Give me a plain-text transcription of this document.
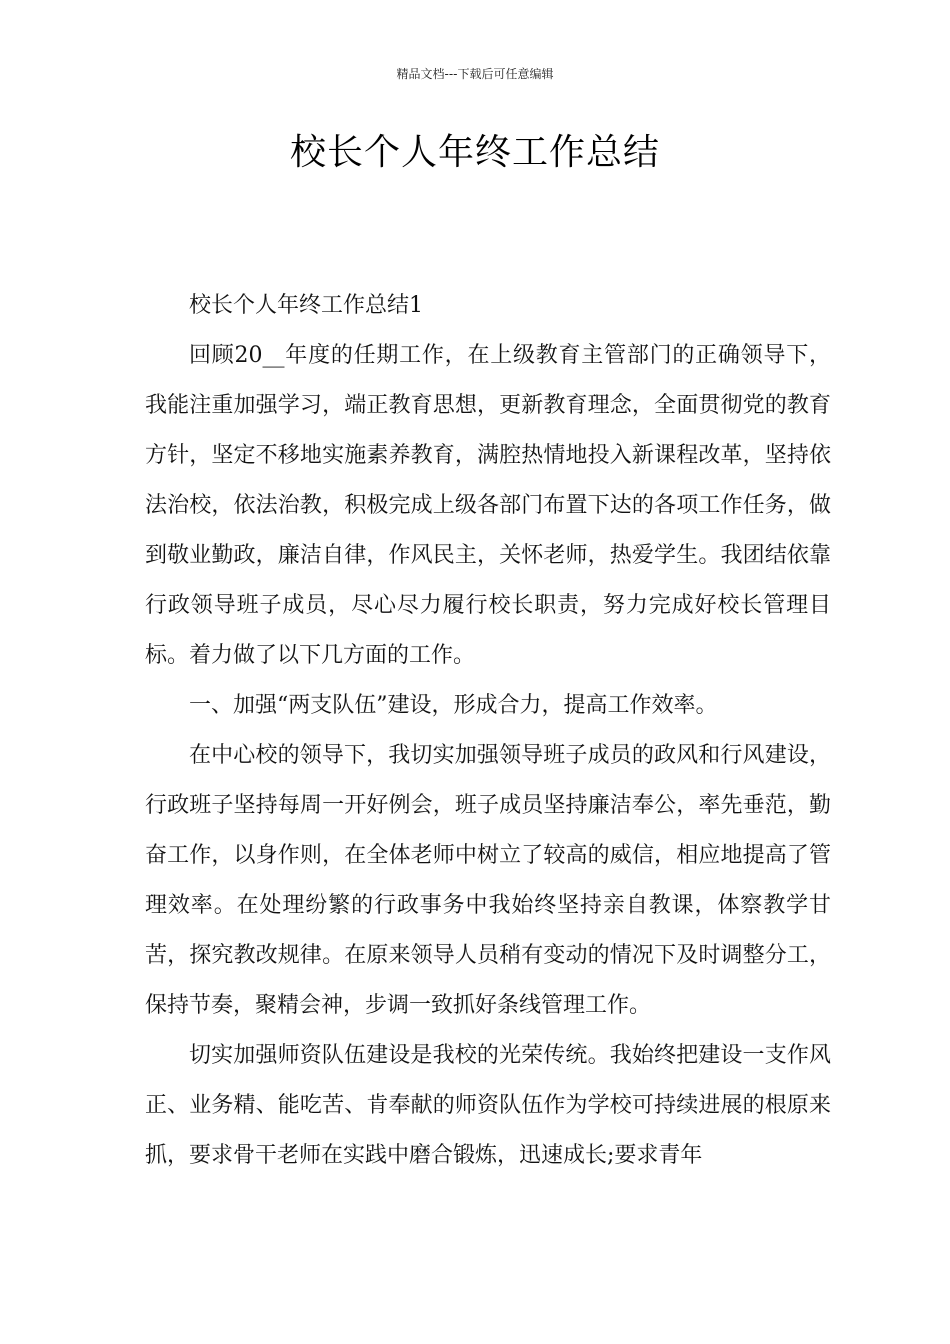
精品文档---下载后可任意编辑
校长个人年终工作总结

校长个人年终工作总结1

回顾20__年度的任期工作，在上级教育主管部门的正确领导下，我能注重加强学习，端正教育思想，更新教育理念，全面贯彻党的教育方针，坚定不移地实施素养教育，满腔热情地投入新课程改革，坚持依法治校，依法治教，积极完成上级各部门布置下达的各项工作任务，做到敬业勤政，廉洁自律，作风民主，关怀老师，热爱学生。我团结依靠行政领导班子成员，尽心尽力履行校长职责，努力完成好校长管理目标。着力做了以下几方面的工作。

一、加强“两支队伍”建设，形成合力，提高工作效率。

在中心校的领导下，我切实加强领导班子成员的政风和行风建设，行政班子坚持每周一开好例会，班子成员坚持廉洁奉公，率先垂范，勤奋工作，以身作则，在全体老师中树立了较高的威信，相应地提高了管理效率。在处理纷繁的行政事务中我始终坚持亲自教课，体察教学甘苦，探究教改规律。在原来领导人员稍有变动的情况下及时调整分工，保持节奏，聚精会神，步调一致抓好条线管理工作。

切实加强师资队伍建设是我校的光荣传统。我始终把建设一支作风正、业务精、能吃苦、肯奉献的师资队伍作为学校可持续进展的根原来抓，要求骨干老师在实践中磨合锻炼，迅速成长;要求青年
